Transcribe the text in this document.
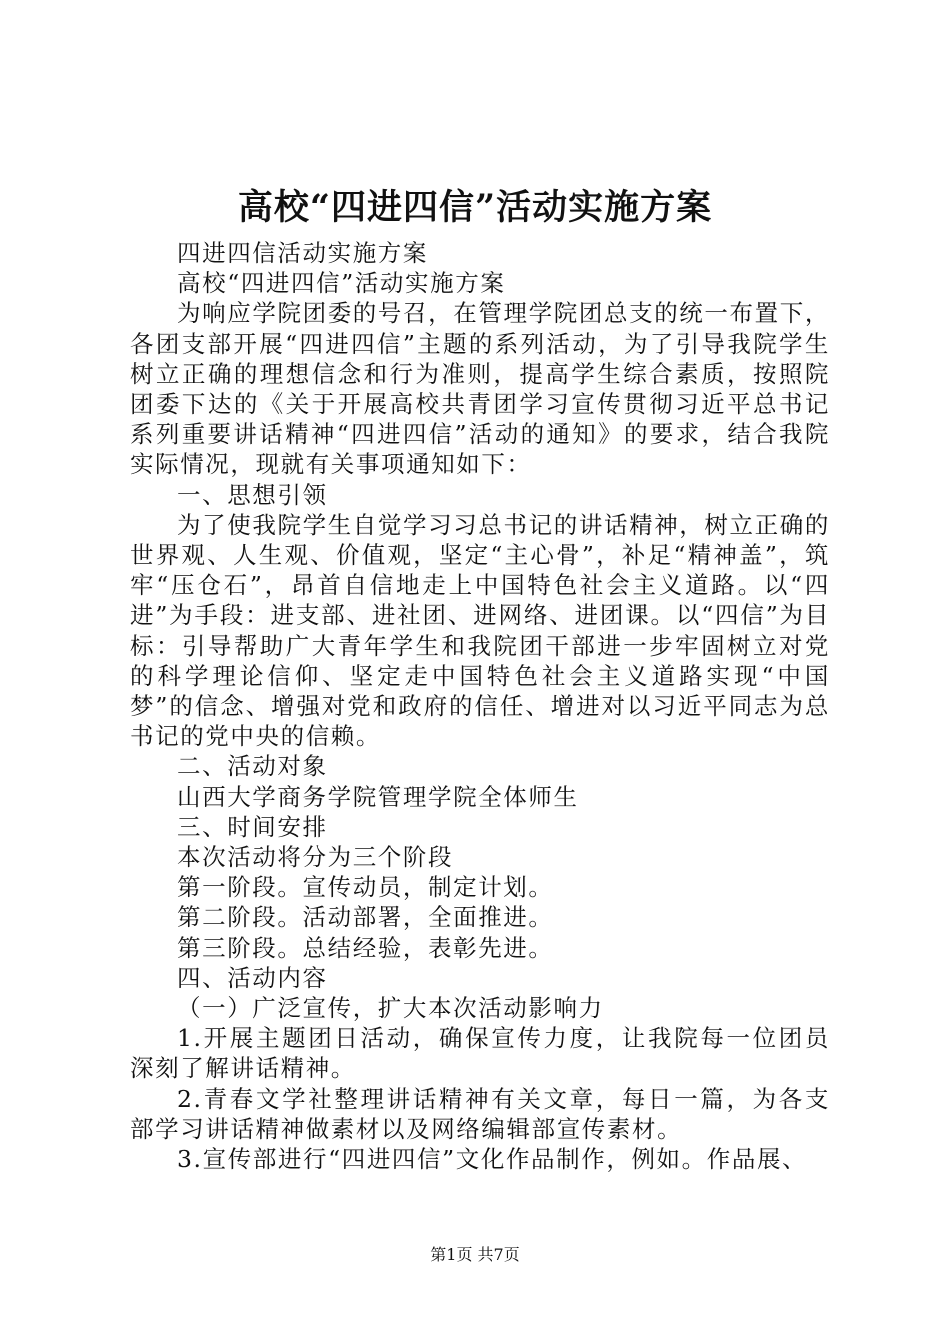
高校“四进四信”活动实施方案

四进四信活动实施方案

高校“四进四信”活动实施方案

为响应学院团委的号召，在管理学院团总支的统一布置下，各团支部开展“四进四信”主题的系列活动，为了引导我院学生树立正确的理想信念和行为准则，提高学生综合素质，按照院团委下达的《关于开展高校共青团学习宣传贯彻习近平总书记系列重要讲话精神“四进四信”活动的通知》的要求，结合我院实际情况，现就有关事项通知如下：

一、思想引领

为了使我院学生自觉学习习总书记的讲话精神，树立正确的世界观、人生观、价值观，坚定“主心骨”，补足“精神盖”，筑牢“压仓石”，昂首自信地走上中国特色社会主义道路。以“四进”为手段：进支部、进社团、进网络、进团课。以“四信”为目标：引导帮助广大青年学生和我院团干部进一步牢固树立对党的科学理论信仰、坚定走中国特色社会主义道路实现“中国梦”的信念、增强对党和政府的信任、增进对以习近平同志为总书记的党中央的信赖。

二、活动对象

山西大学商务学院管理学院全体师生

三、时间安排

本次活动将分为三个阶段

第一阶段。宣传动员，制定计划。

第二阶段。活动部署，全面推进。

第三阶段。总结经验，表彰先进。

四、活动内容

（一）广泛宣传，扩大本次活动影响力

1.开展主题团日活动，确保宣传力度，让我院每一位团员深刻了解讲话精神。

2.青春文学社整理讲话精神有关文章，每日一篇，为各支部学习讲话精神做素材以及网络编辑部宣传素材。

3.宣传部进行“四进四信”文化作品制作，例如。作品展、

第1页 共7页
